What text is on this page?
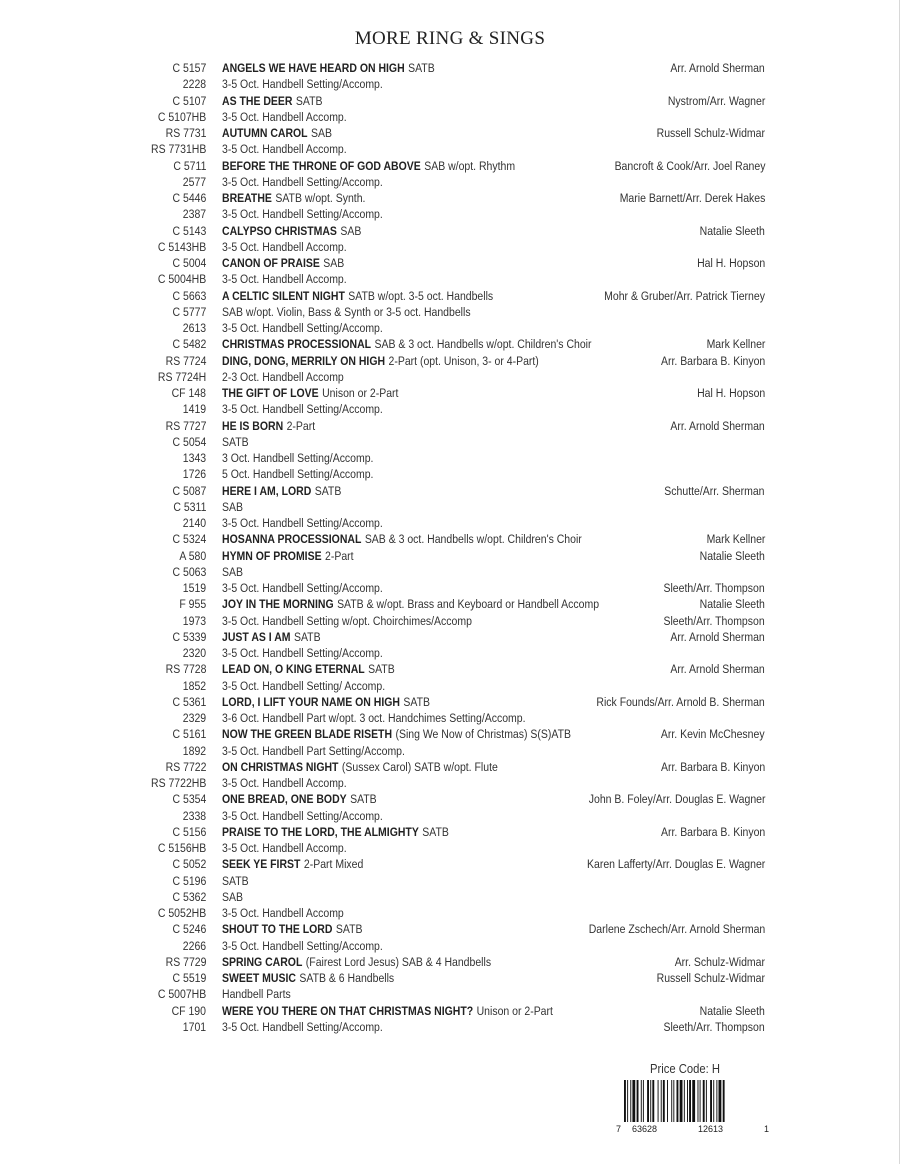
MORE RING & SINGS
C 5157 ANGELS WE HAVE HEARD ON HIGH SATB	Arr. Arnold Sherman
2228 3-5 Oct. Handbell Setting/Accomp.
C 5107 AS THE DEER SATB	Nystrom/Arr. Wagner
C 5107HB 3-5 Oct. Handbell Accomp.
RS 7731 AUTUMN CAROL SAB	Russell Schulz-Widmar
RS 7731HB 3-5 Oct. Handbell Accomp.
C 5711 BEFORE THE THRONE OF GOD ABOVE SAB w/opt. Rhythm	Bancroft & Cook/Arr. Joel Raney
2577 3-5 Oct. Handbell Setting/Accomp.
C 5446 BREATHE SATB w/opt. Synth.	Marie Barnett/Arr. Derek Hakes
2387 3-5 Oct. Handbell Setting/Accomp.
C 5143 CALYPSO CHRISTMAS SAB	Natalie Sleeth
C 5143HB 3-5 Oct. Handbell Accomp.
C 5004 CANON OF PRAISE SAB	Hal H. Hopson
C 5004HB 3-5 Oct. Handbell Accomp.
C 5663 A CELTIC SILENT NIGHT SATB w/opt. 3-5 oct. Handbells	Mohr & Gruber/Arr. Patrick Tierney
C 5777 SAB w/opt. Violin, Bass & Synth or 3-5 oct. Handbells
2613 3-5 Oct. Handbell Setting/Accomp.
C 5482 CHRISTMAS PROCESSIONAL SAB & 3 oct. Handbells w/opt. Children's Choir	Mark Kellner
RS 7724 DING, DONG, MERRILY ON HIGH 2-Part (opt. Unison, 3- or 4-Part)	Arr. Barbara B. Kinyon
RS 7724H 2-3 Oct. Handbell Accomp
CF 148 THE GIFT OF LOVE Unison or 2-Part	Hal H. Hopson
1419 3-5 Oct. Handbell Setting/Accomp.
RS 7727 HE IS BORN 2-Part	Arr. Arnold Sherman
C 5054 SATB
1343 3 Oct. Handbell Setting/Accomp.
1726 5 Oct. Handbell Setting/Accomp.
C 5087 HERE I AM, LORD SATB	Schutte/Arr. Sherman
C 5311 SAB
2140 3-5 Oct. Handbell Setting/Accomp.
C 5324 HOSANNA PROCESSIONAL SAB & 3 oct. Handbells w/opt. Children's Choir	Mark Kellner
A 580 HYMN OF PROMISE 2-Part	Natalie Sleeth
C 5063 SAB
1519 3-5 Oct. Handbell Setting/Accomp.	Sleeth/Arr. Thompson
F 955 JOY IN THE MORNING SATB & w/opt. Brass and Keyboard or Handbell Accomp	Natalie Sleeth
1973 3-5 Oct. Handbell Setting w/opt. Choirchimes/Accomp	Sleeth/Arr. Thompson
C 5339 JUST AS I AM SATB	Arr. Arnold Sherman
2320 3-5 Oct. Handbell Setting/Accomp.
RS 7728 LEAD ON, O KING ETERNAL SATB	Arr. Arnold Sherman
1852 3-5 Oct. Handbell Setting/ Accomp.
C 5361 LORD, I LIFT YOUR NAME ON HIGH SATB	Rick Founds/Arr. Arnold B. Sherman
2329 3-6 Oct. Handbell Part w/opt. 3 oct. Handchimes Setting/Accomp.
C 5161 NOW THE GREEN BLADE RISETH (Sing We Now of Christmas) S(S)ATB	Arr. Kevin McChesney
1892 3-5 Oct. Handbell Part Setting/Accomp.
RS 7722 ON CHRISTMAS NIGHT (Sussex Carol) SATB w/opt. Flute	Arr. Barbara B. Kinyon
RS 7722HB 3-5 Oct. Handbell Accomp.
C 5354 ONE BREAD, ONE BODY SATB	John B. Foley/Arr. Douglas E. Wagner
2338 3-5 Oct. Handbell Setting/Accomp.
C 5156 PRAISE TO THE LORD, THE ALMIGHTY SATB	Arr. Barbara B. Kinyon
C 5156HB 3-5 Oct. Handbell Accomp.
C 5052 SEEK YE FIRST 2-Part Mixed	Karen Lafferty/Arr. Douglas E. Wagner
C 5196 SATB
C 5362 SAB
C 5052HB 3-5 Oct. Handbell Accomp
C 5246 SHOUT TO THE LORD SATB	Darlene Zschech/Arr. Arnold Sherman
2266 3-5 Oct. Handbell Setting/Accomp.
RS 7729 SPRING CAROL (Fairest Lord Jesus) SAB & 4 Handbells	Arr. Schulz-Widmar
C 5519 SWEET MUSIC SATB & 6 Handbells	Russell Schulz-Widmar
C 5007HB Handbell Parts
CF 190 WERE YOU THERE ON THAT CHRISTMAS NIGHT? Unison or 2-Part	Natalie Sleeth
1701 3-5 Oct. Handbell Setting/Accomp.	Sleeth/Arr. Thompson
Price Code: H
7 63628	12613	1
